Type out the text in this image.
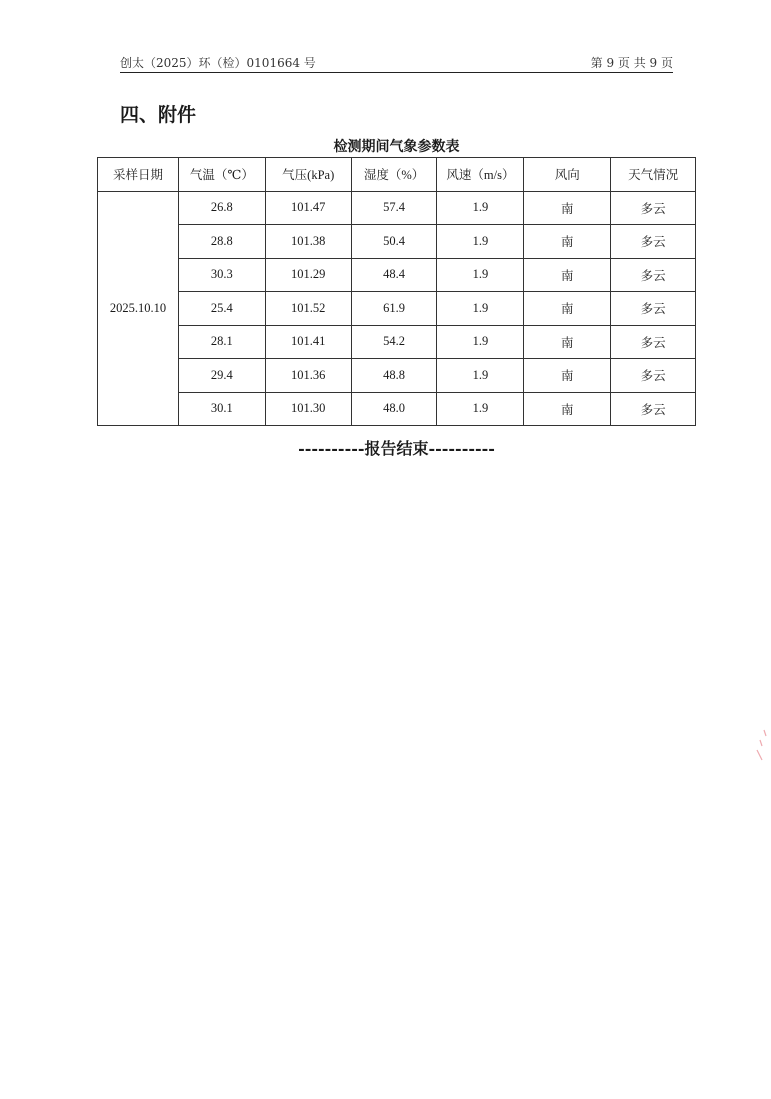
创太（2025）环（检）0101664 号	第 9 页 共 9 页
四、附件
检测期间气象参数表
采样日期	气温（℃）	气压(kPa)	湿度（%）	风速（m/s）	风向	天气情况
2025.10.10	26.8	101.47	57.4	1.9	南	多云
	28.8	101.38	50.4	1.9	南	多云
	30.3	101.29	48.4	1.9	南	多云
	25.4	101.52	61.9	1.9	南	多云
	28.1	101.41	54.2	1.9	南	多云
	29.4	101.36	48.8	1.9	南	多云
	30.1	101.30	48.0	1.9	南	多云
----------报告结束----------
